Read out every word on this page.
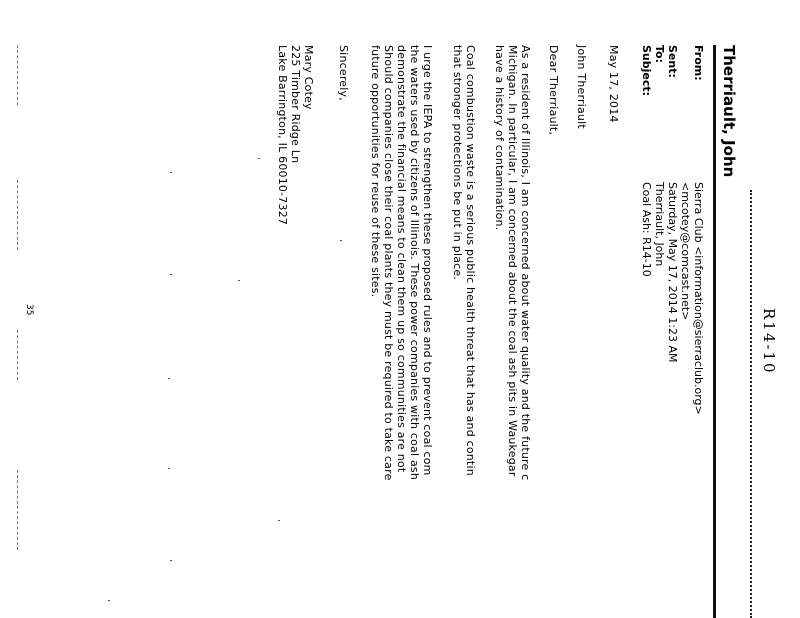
R14-10
Therriault, John
From:
Sierra Club <information@sierraclub.org>
<mcotey@comcast.net>
Sent:
Saturday, May 17, 2014 1:23 AM
To:
Therriault, John
Subject:
Coal Ash: R14-10
May 17, 2014
John Therriault
Dear Therriault,
As a resident of Illinois, I am concerned about water quality and the future c
Michigan. In particular, I am concerned about the coal ash pits in Waukegar
have a history of contamination.
Coal combustion waste is a serious public health threat that has and contin
that stronger protections be put in place.
I urge the IEPA to strengthen these proposed rules and to prevent coal com
the waters used by citizens of Illinois. These power companies with coal ash
demonstrate the financial means to clean them up so communities are not
Should companies close their coal plants they must be required to take care
future opportunities for reuse of these sites.
Sincerely,
Mary Cotey
225 Timber Ridge Ln
Lake Barrington, IL 60010-7327
35
